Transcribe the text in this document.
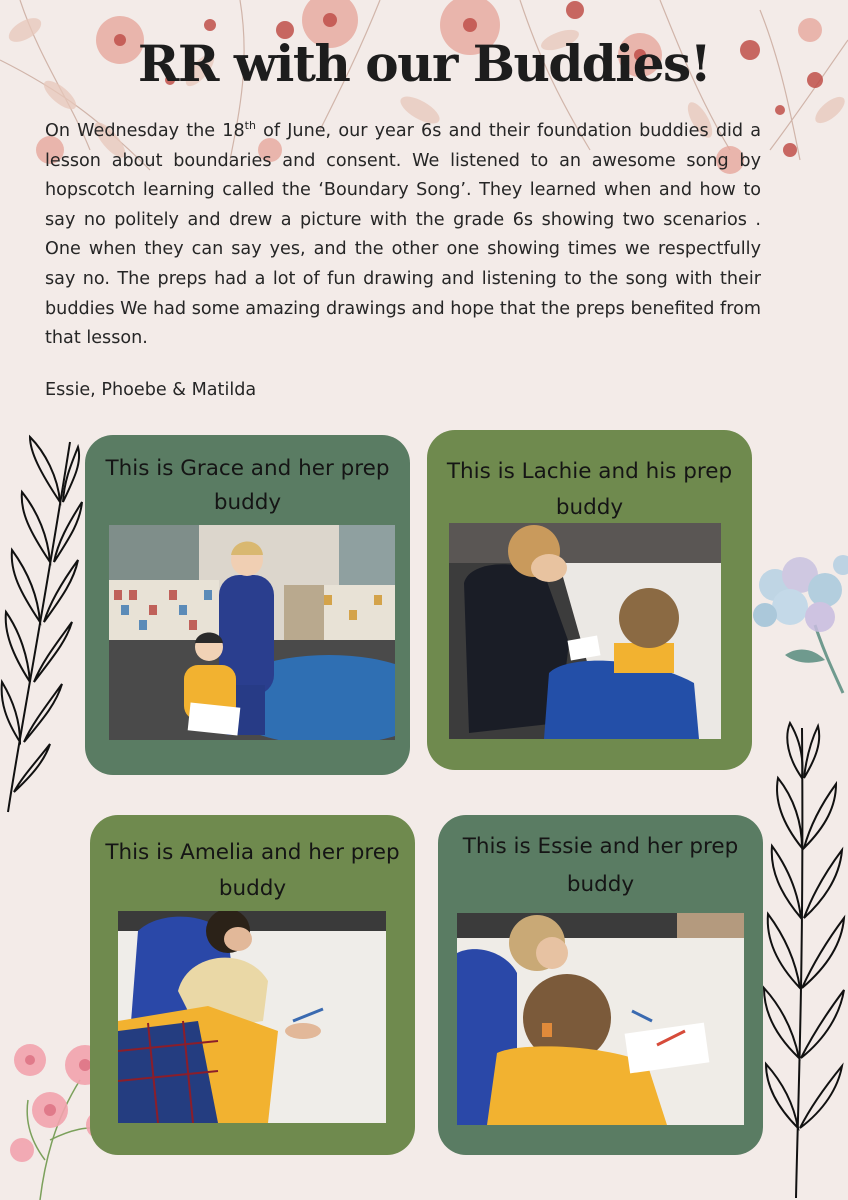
RR with our Buddies!
On Wednesday the 18th of June, our year 6s and their foundation buddies did a lesson about boundaries and consent. We listened to an awesome song by hopscotch learning called the ‘Boundary Song’. They learned when and how to say no politely and drew a picture with the grade 6s showing two scenarios . One when they can say yes, and the other one showing times we respectfully say no. The preps had a lot of fun drawing and listening to the song with their buddies We had some amazing drawings and hope that the preps benefited from that lesson.
Essie, Phoebe & Matilda
This is Grace and her prep
buddy
This is Lachie and his prep
buddy
This is Amelia and her prep
buddy
This is Essie and her prep
buddy
